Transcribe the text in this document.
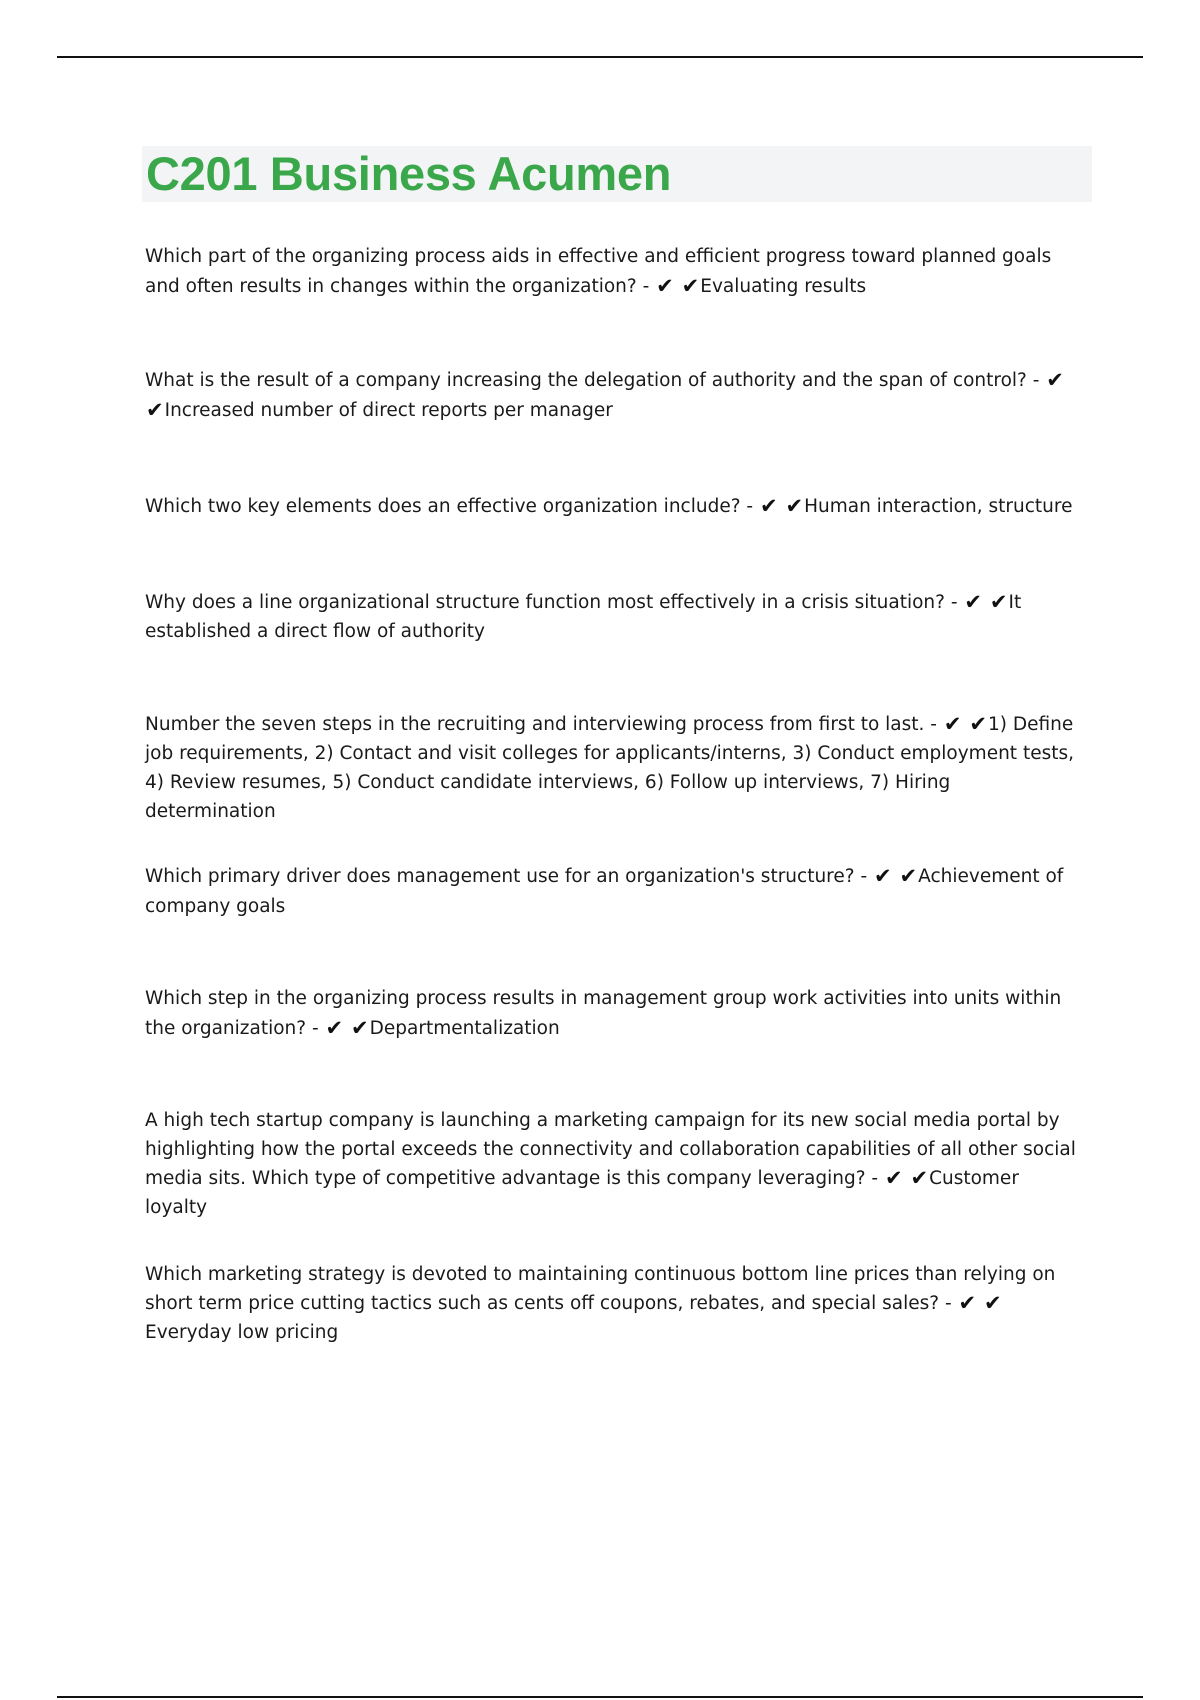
C201 Business Acumen

Which part of the organizing process aids in effective and efficient progress toward planned goals and often results in changes within the organization? - ✔ ✔Evaluating results

What is the result of a company increasing the delegation of authority and the span of control? - ✔ ✔Increased number of direct reports per manager

Which two key elements does an effective organization include? - ✔ ✔Human interaction, structure

Why does a line organizational structure function most effectively in a crisis situation? - ✔ ✔It established a direct flow of authority

Number the seven steps in the recruiting and interviewing process from first to last. - ✔ ✔1) Define job requirements, 2) Contact and visit colleges for applicants/interns, 3) Conduct employment tests, 4) Review resumes, 5) Conduct candidate interviews, 6) Follow up interviews, 7) Hiring determination

Which primary driver does management use for an organization's structure? - ✔ ✔Achievement of company goals

Which step in the organizing process results in management group work activities into units within the organization? - ✔ ✔Departmentalization

A high tech startup company is launching a marketing campaign for its new social media portal by highlighting how the portal exceeds the connectivity and collaboration capabilities of all other social media sits. Which type of competitive advantage is this company leveraging? - ✔ ✔Customer loyalty

Which marketing strategy is devoted to maintaining continuous bottom line prices than relying on short term price cutting tactics such as cents off coupons, rebates, and special sales? - ✔ ✔Everyday low pricing
